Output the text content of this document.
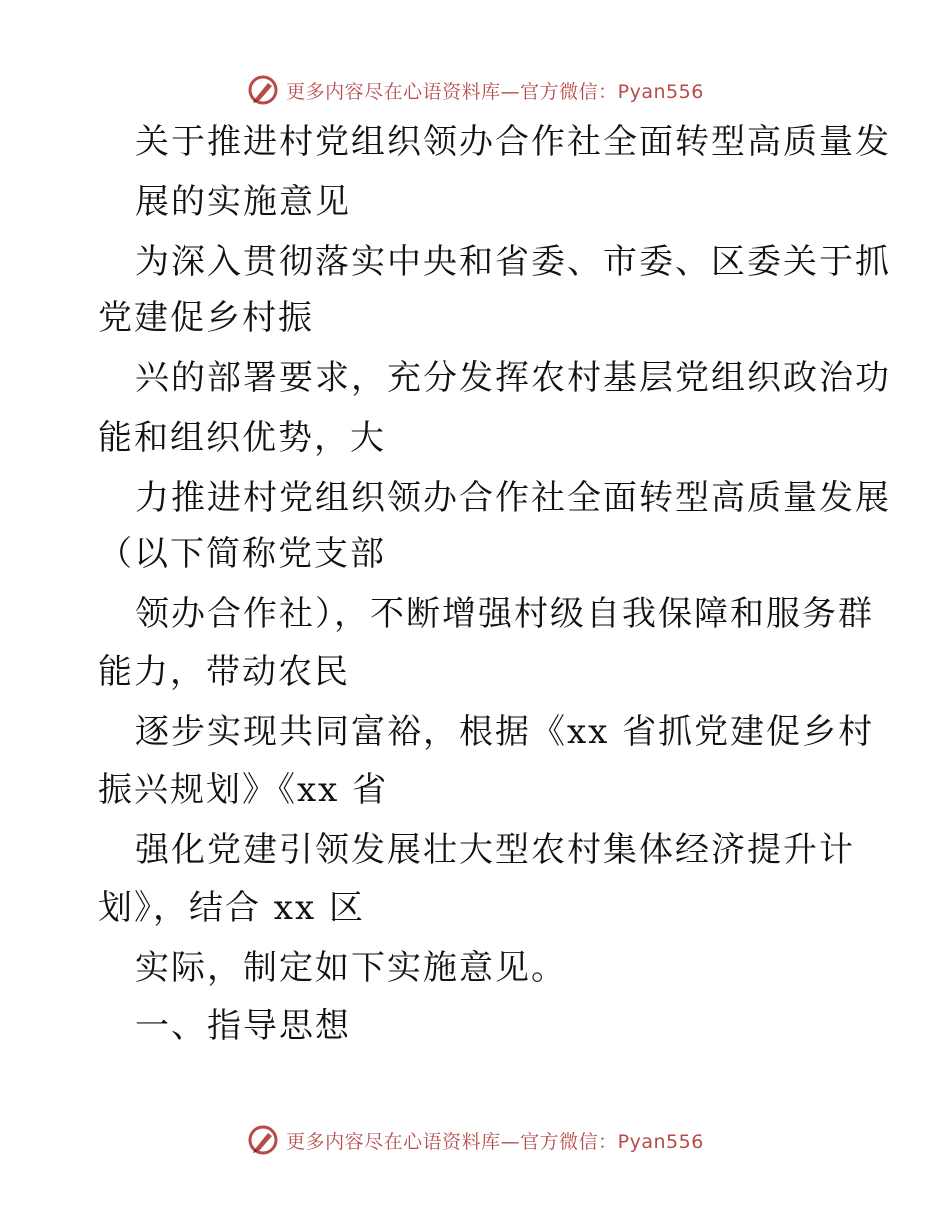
更多内容尽在心语资料库—官方微信：Pyan556
关于推进村党组织领办合作社全面转型高质量发
展的实施意见
为深入贯彻落实中央和省委、市委、区委关于抓
党建促乡村振
兴的部署要求，充分发挥农村基层党组织政治功
能和组织优势，大
力推进村党组织领办合作社全面转型高质量发展
（以下简称党支部
领办合作社），不断增强村级自我保障和服务群
能力，带动农民
逐步实现共同富裕，根据《xx 省抓党建促乡村
振兴规划》《xx 省
强化党建引领发展壮大型农村集体经济提升计
划》，结合 xx 区
实际，制定如下实施意见。
一、指导思想
更多内容尽在心语资料库—官方微信：Pyan556
